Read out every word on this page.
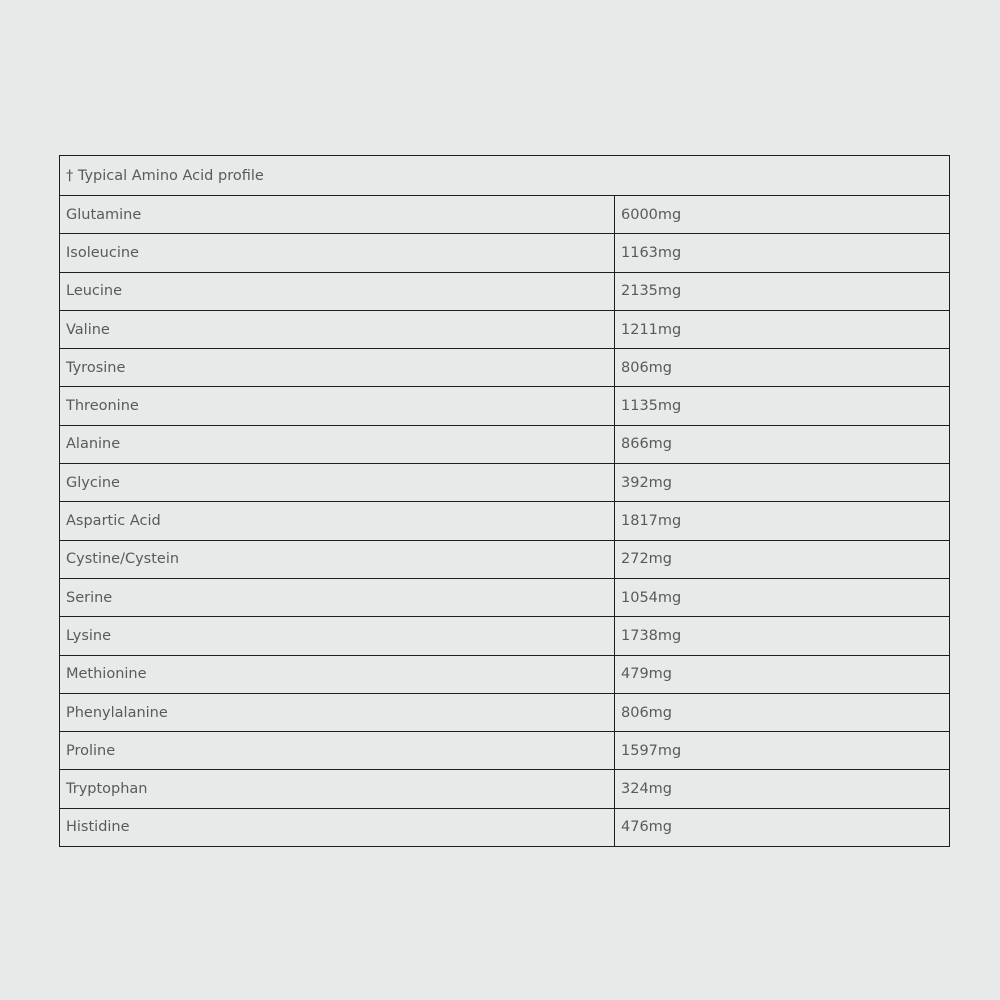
† Typical Amino Acid profile	
Glutamine	6000mg
Isoleucine	1163mg
Leucine	2135mg
Valine	1211mg
Tyrosine	806mg
Threonine	1135mg
Alanine	866mg
Glycine	392mg
Aspartic Acid	1817mg
Cystine/Cystein	272mg
Serine	1054mg
Lysine	1738mg
Methionine	479mg
Phenylalanine	806mg
Proline	1597mg
Tryptophan	324mg
Histidine	476mg
